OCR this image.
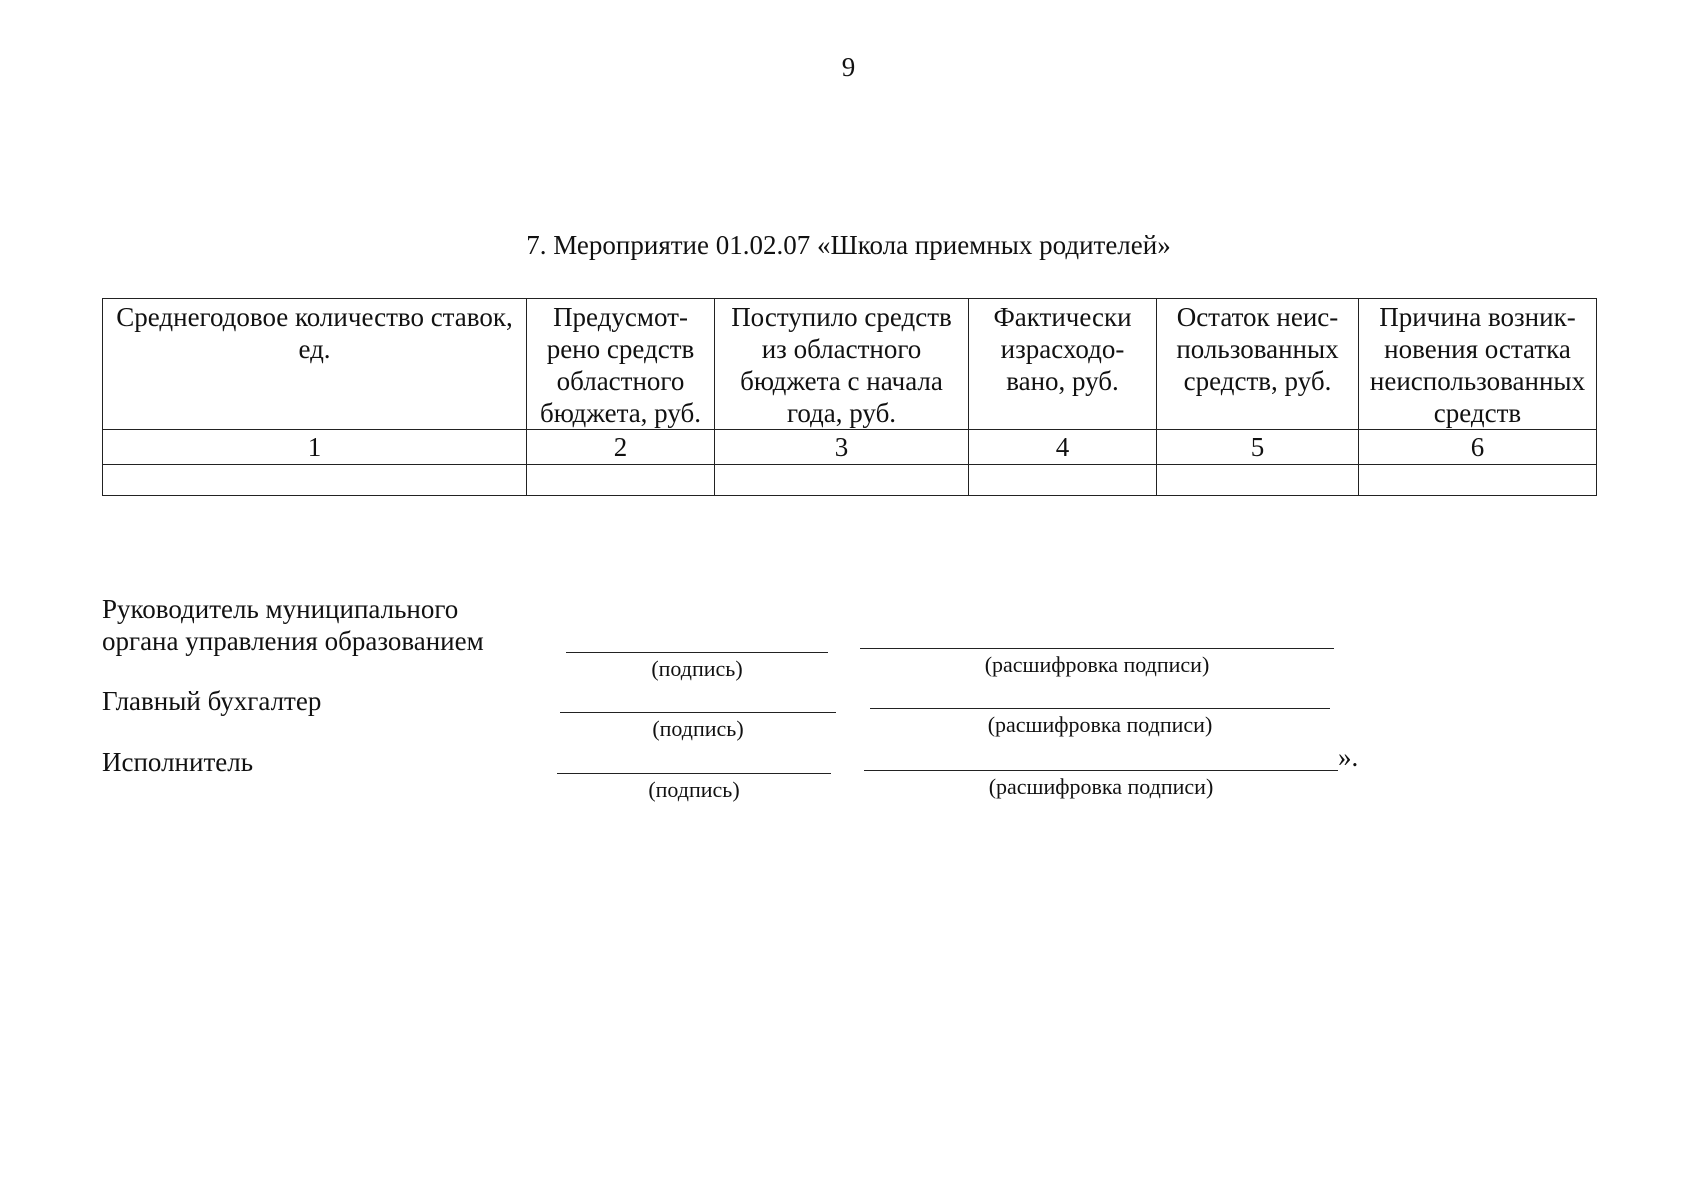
9
7. Мероприятие 01.02.07 «Школа приемных родителей»
Среднегодовое количество ставок, ед.	Предусмот-рено средств областного бюджета, руб.	Поступило средств из областного бюджета с начала года, руб.	Фактически израсходо-вано, руб.	Остаток неис-пользованных средств, руб.	Причина возник-новения остатка неиспользованных средств
1	2	3	4	5	6

Руководитель муниципального
органа управления образованием
(подпись)	(расшифровка подписи)
Главный бухгалтер
(подпись)	(расшифровка подписи)
Исполнитель	».
(подпись)	(расшифровка подписи)
